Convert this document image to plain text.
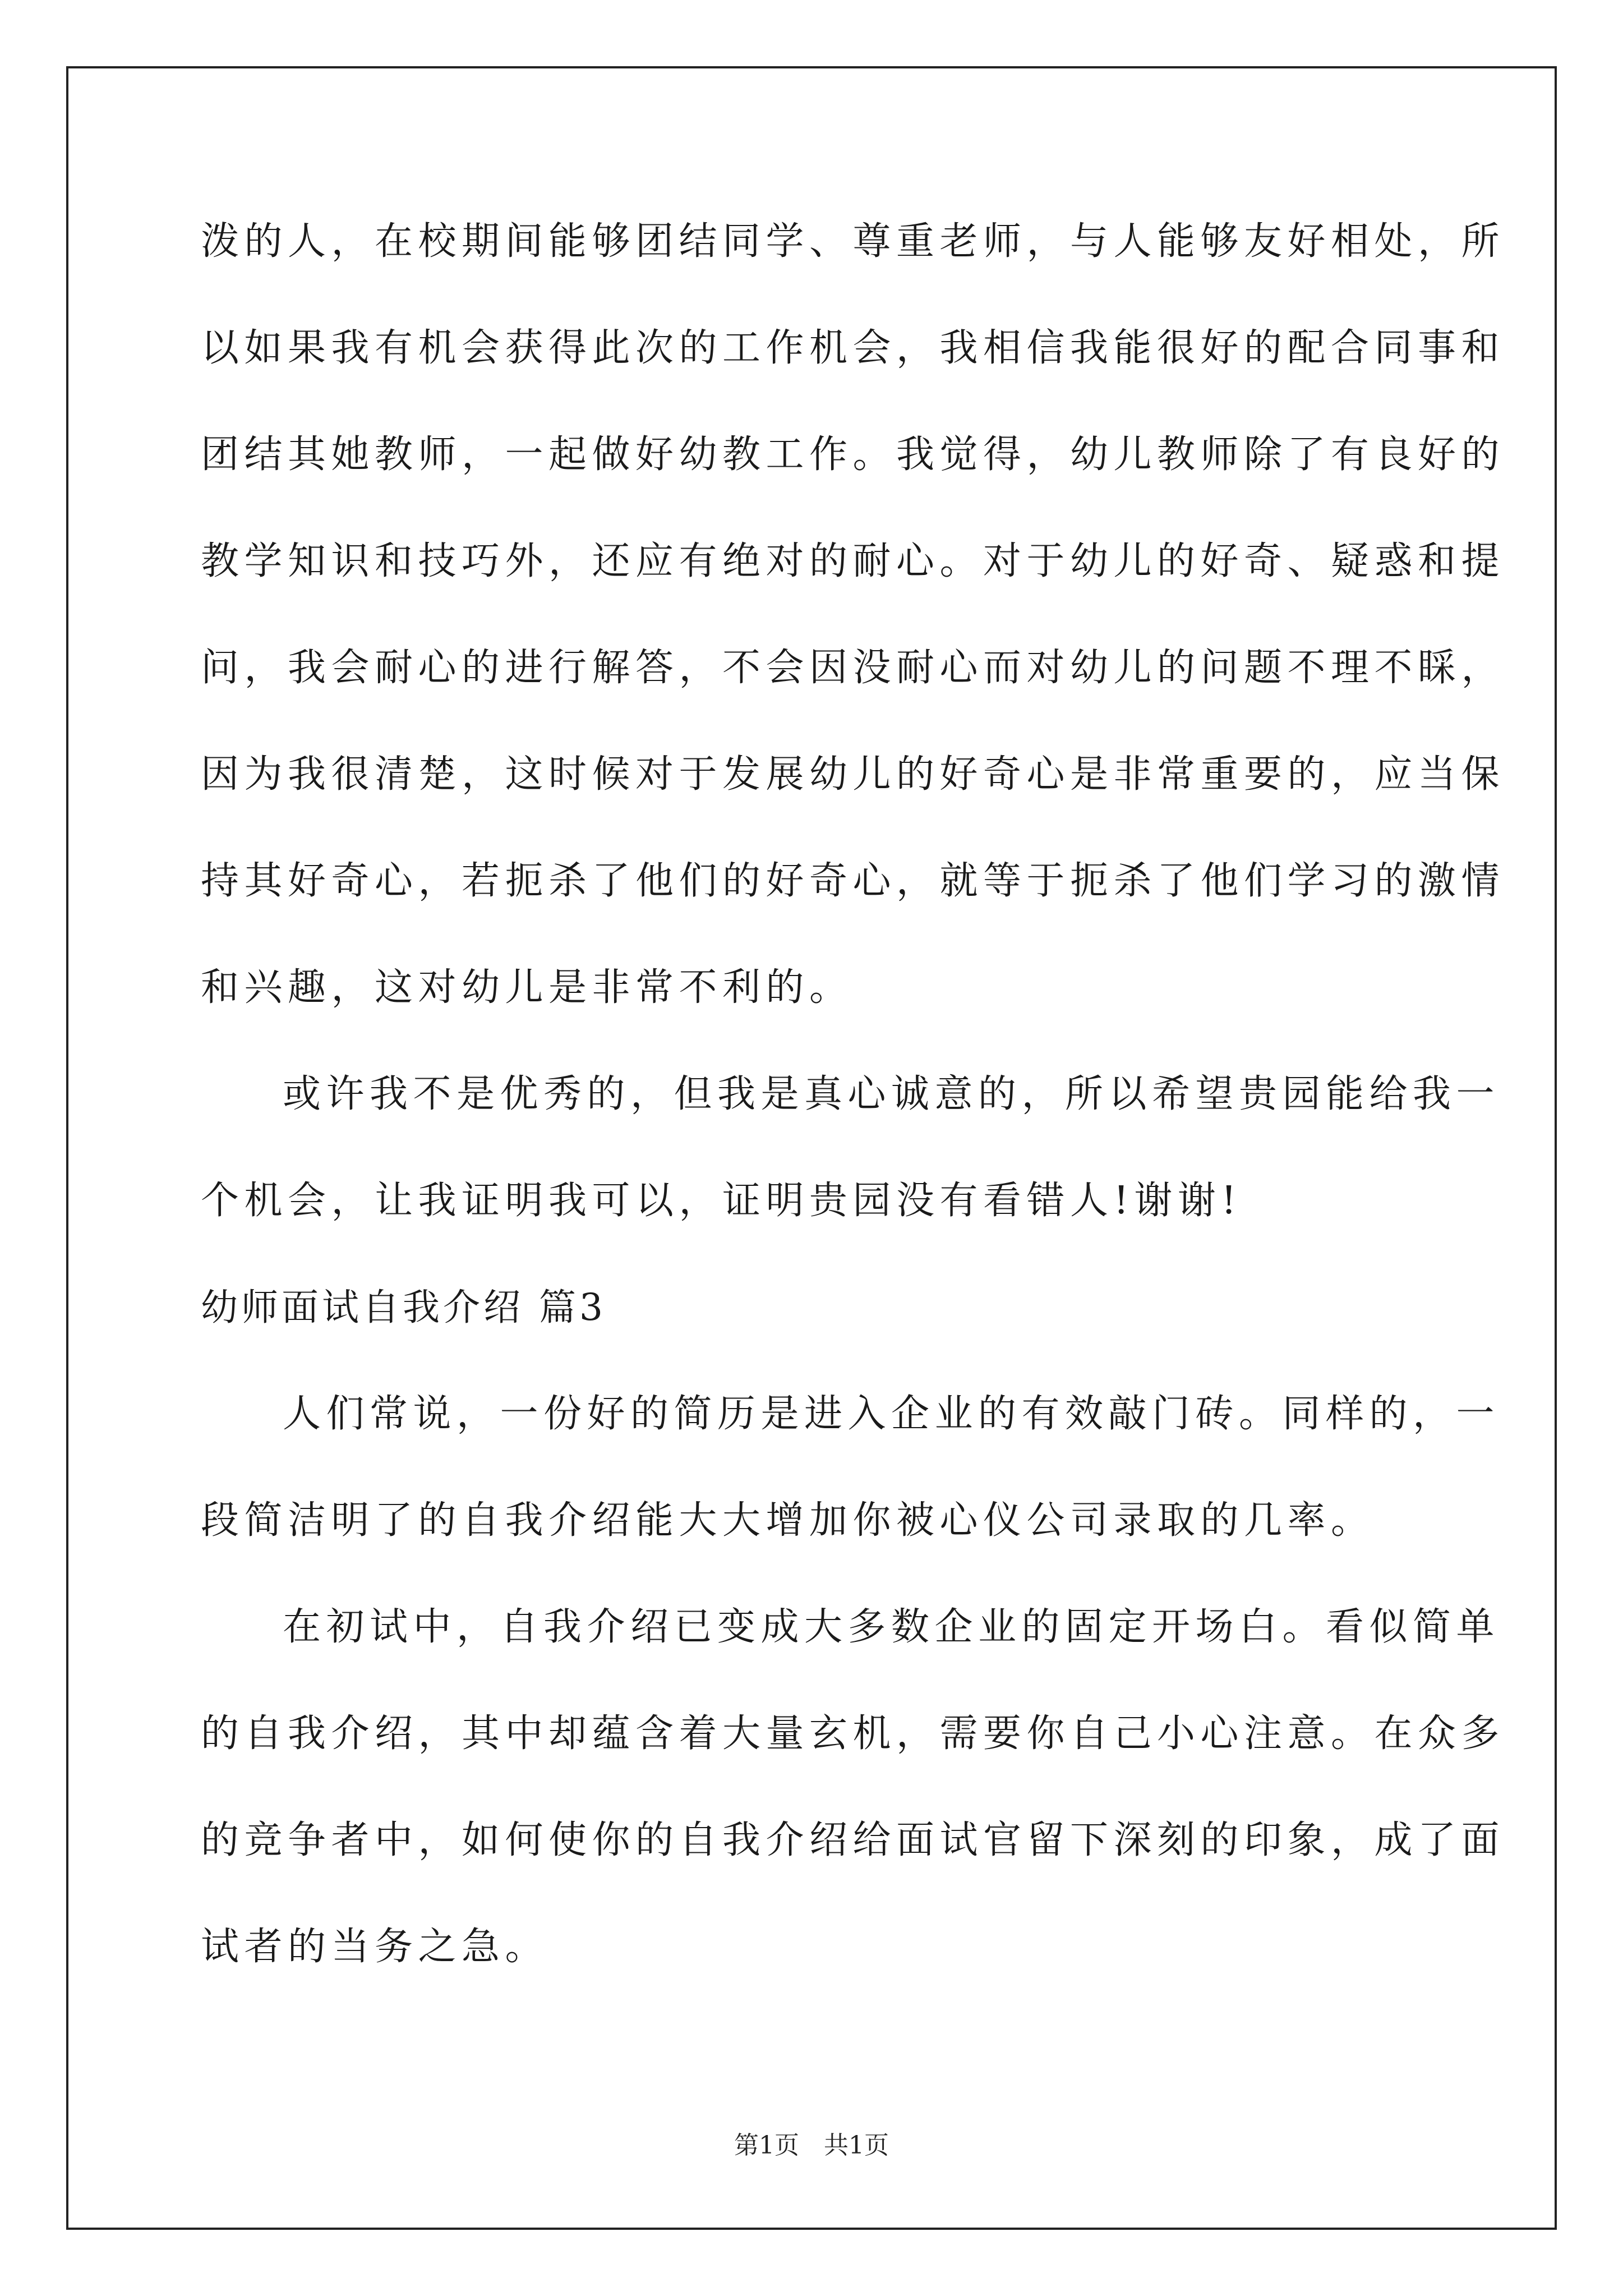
泼的人，在校期间能够团结同学、尊重老师，与人能够友好相处，所
以如果我有机会获得此次的工作机会，我相信我能很好的配合同事和
团结其她教师，一起做好幼教工作。我觉得，幼儿教师除了有良好的
教学知识和技巧外，还应有绝对的耐心。对于幼儿的好奇、疑惑和提
问，我会耐心的进行解答，不会因没耐心而对幼儿的问题不理不睬，
因为我很清楚，这时候对于发展幼儿的好奇心是非常重要的，应当保
持其好奇心，若扼杀了他们的好奇心，就等于扼杀了他们学习的激情
和兴趣，这对幼儿是非常不利的。
或许我不是优秀的，但我是真心诚意的，所以希望贵园能给我一
个机会，让我证明我可以，证明贵园没有看错人!谢谢!
幼师面试自我介绍 篇3
人们常说，一份好的简历是进入企业的有效敲门砖。同样的，一
段简洁明了的自我介绍能大大增加你被心仪公司录取的几率。
在初试中，自我介绍已变成大多数企业的固定开场白。看似简单
的自我介绍，其中却蕴含着大量玄机，需要你自己小心注意。在众多
的竞争者中，如何使你的自我介绍给面试官留下深刻的印象，成了面
试者的当务之急。
第1页　共1页
